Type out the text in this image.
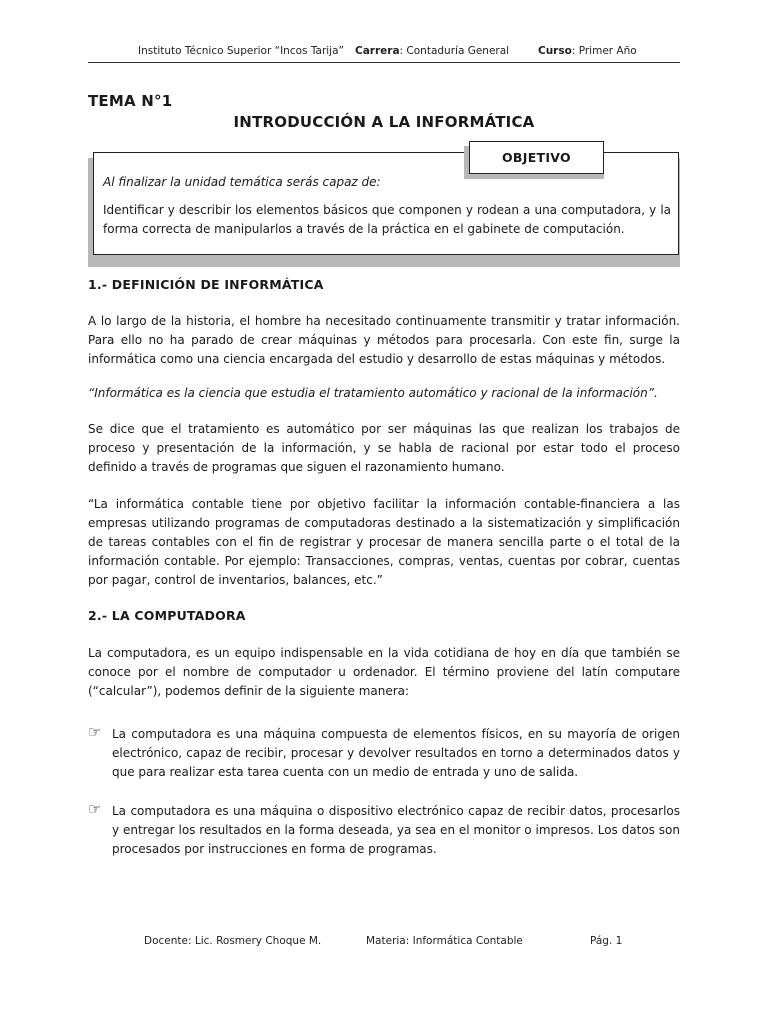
Instituto Técnico Superior “Incos Tarija” Carrera: Contaduría General	Curso: Primer Año
TEMA N°1
INTRODUCCIÓN A LA INFORMÁTICA
OBJETIVO
Al finalizar la unidad temática serás capaz de:
Identificar y describir los elementos básicos que componen y rodean a una computadora, y la forma correcta de manipularlos a través de la práctica en el gabinete de computación.
1.- DEFINICIÓN DE INFORMÁTICA
A lo largo de la historia, el hombre ha necesitado continuamente transmitir y tratar información. Para ello no ha parado de crear máquinas y métodos para procesarla. Con este fin, surge la informática como una ciencia encargada del estudio y desarrollo de estas máquinas y métodos.
“Informática es la ciencia que estudia el tratamiento automático y racional de la información”.
Se dice que el tratamiento es automático por ser máquinas las que realizan los trabajos de proceso y presentación de la información, y se habla de racional por estar todo el proceso definido a través de programas que siguen el razonamiento humano.
“La informática contable tiene por objetivo facilitar la información contable-financiera a las empresas utilizando programas de computadoras destinado a la sistematización y simplificación de tareas contables con el fin de registrar y procesar de manera sencilla parte o el total de la información contable. Por ejemplo: Transacciones, compras, ventas, cuentas por cobrar, cuentas por pagar, control de inventarios, balances, etc.”
2.- LA COMPUTADORA
La computadora, es un equipo indispensable en la vida cotidiana de hoy en día que también se conoce por el nombre de computador u ordenador. El término proviene del latín computare (“calcular”), podemos definir de la siguiente manera:
☞ La computadora es una máquina compuesta de elementos físicos, en su mayoría de origen electrónico, capaz de recibir, procesar y devolver resultados en torno a determinados datos y que para realizar esta tarea cuenta con un medio de entrada y uno de salida.
☞ La computadora es una máquina o dispositivo electrónico capaz de recibir datos, procesarlos y entregar los resultados en la forma deseada, ya sea en el monitor o impresos. Los datos son procesados por instrucciones en forma de programas.
Docente: Lic. Rosmery Choque M.	Materia: Informática Contable	Pág. 1
